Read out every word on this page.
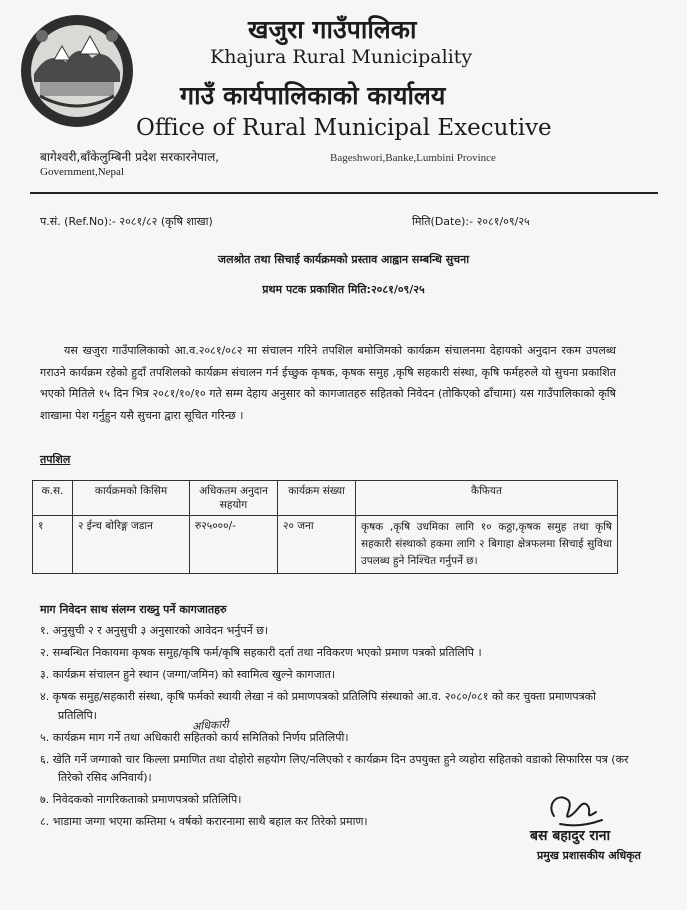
खजुरा गाउँपालिका
Khajura Rural Municipality
गाउँ कार्यपालिकाको कार्यालय
Office of Rural Municipal Executive
बागेश्वरी,बाँकेलुम्बिनी प्रदेश सरकारनेपाल,
Government,Nepal
Bageshwori,Banke,Lumbini Province
प.सं. (Ref.No):- २०८१/८२ (कृषि शाखा)	मिति(Date):- २०८१/०९/२५
जलश्रोत तथा सिचाई कार्यक्रमको प्रस्ताव आह्वान सम्बन्धि सुचना
प्रथम पटक प्रकाशित मिति:२०८१/०९/२५
यस खजुरा गाउँपालिकाको आ.व.२०८१/०८२ मा संचालन गरिने तपशिल बमोजिमको कार्यक्रम संचालनमा देहायको अनुदान रकम उपलब्ध गराउने कार्यक्रम रहेको हुदाँ तपशिलको कार्यक्रम संचालन गर्न ईच्छुक कृषक, कृषक समुह ,कृषि सहकारी संस्था, कृषि फर्महरुले यो सुचना प्रकाशित भएको मितिले १५ दिन भित्र २०८१/१०/१० गते सम्म देहाय अनुसार को कागजातहरु सहितको निवेदन (तोकिएको ढाँचामा) यस गाउँपालिकाको कृषि शाखामा पेश गर्नुहुन यसै सुचना द्वारा सूचित गरिन्छ ।
तपशिल
क.स.	कार्यक्रमको किसिम	अधिकतम अनुदान सहयोग	कार्यक्रम संख्या	कैफियत
१	२ ईन्च बोरिङ्ग जडान	रु२५०००/-	२० जना	कृषक ,कृषि उधमिका लागि १० कठ्ठा,कृषक समुह तथा कृषि सहकारी संस्थाको हकमा लागि २ बिगाहा क्षेत्रफलमा सिचाई सुविधा उपलब्ध हुने निश्चित गर्नुपर्ने छ।
माग निवेदन साथ संलग्न राख्नु पर्ने कागजातहरु
१. अनुसुची २ र अनुसुची ३ अनुसारको आवेदन भर्नुपर्ने छ।
२. सम्बन्धित निकायमा कृषक समुह/कृषि फर्म/कृषि सहकारी दर्ता तथा नविकरण भएको प्रमाण पत्रको प्रतिलिपि ।
३. कार्यक्रम संचालन हुने स्थान (जग्गा/जमिन) को स्वामित्व खुल्ने कागजात।
४. कृषक समुह/सहकारी संस्था, कृषि फर्मको स्थायी लेखा नं को प्रमाणपत्रको प्रतिलिपि संस्थाको आ.व. २०८०/०८१ को कर चुक्ता प्रमाणपत्रको प्रतिलिपि।
५. कार्यक्रम माग गर्ने तथा अधिकारी सहितको कार्य समितिको निर्णय प्रतिलिपी।
६. खेति गर्ने जग्गाको चार किल्ला प्रमाणित तथा दोहोरो सहयोग लिए/नलिएको र कार्यक्रम दिन उपयुक्त हुने व्यहोरा सहितको वडाको सिफारिस पत्र (कर तिरेको रसिद अनिवार्य)।
७. निवेदकको नागरिकताको प्रमाणपत्रको प्रतिलिपि।
८. भाडामा जग्गा भएमा कम्तिमा ५ वर्षको करारनामा साथै बहाल कर तिरेको प्रमाण।
अधिकारी
बस बहादुर राना
प्रमुख प्रशासकीय अधिकृत
